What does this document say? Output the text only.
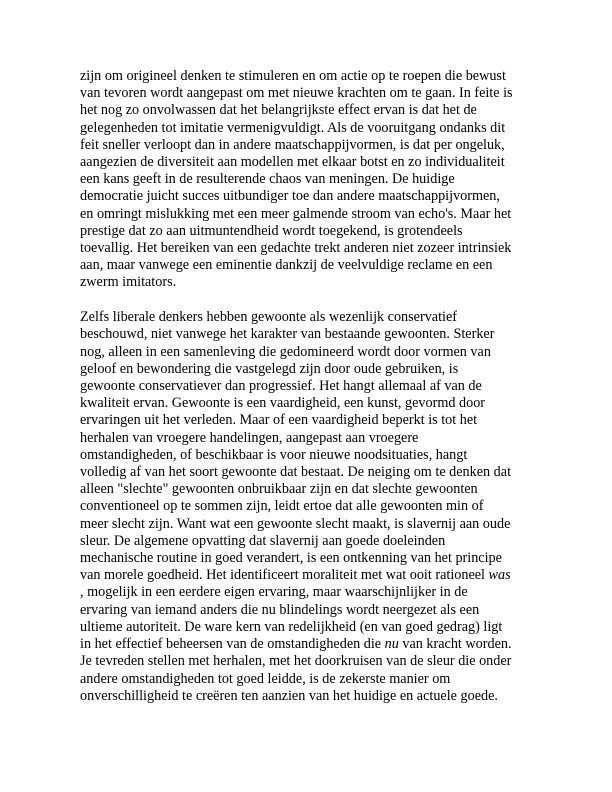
zijn om origineel denken te stimuleren en om actie op te roepen die bewust
van tevoren wordt aangepast om met nieuwe krachten om te gaan. In feite is
het nog zo onvolwassen dat het belangrijkste effect ervan is dat het de
gelegenheden tot imitatie vermenigvuldigt. Als de vooruitgang ondanks dit
feit sneller verloopt dan in andere maatschappijvormen, is dat per ongeluk,
aangezien de diversiteit aan modellen met elkaar botst en zo individualiteit
een kans geeft in de resulterende chaos van meningen. De huidige
democratie juicht succes uitbundiger toe dan andere maatschappijvormen,
en omringt mislukking met een meer galmende stroom van echo's. Maar het
prestige dat zo aan uitmuntendheid wordt toegekend, is grotendeels
toevallig. Het bereiken van een gedachte trekt anderen niet zozeer intrinsiek
aan, maar vanwege een eminentie dankzij de veelvuldige reclame en een
zwerm imitators.

Zelfs liberale denkers hebben gewoonte als wezenlijk conservatief
beschouwd, niet vanwege het karakter van bestaande gewoonten. Sterker
nog, alleen in een samenleving die gedomineerd wordt door vormen van
geloof en bewondering die vastgelegd zijn door oude gebruiken, is
gewoonte conservatiever dan progressief. Het hangt allemaal af van de
kwaliteit ervan. Gewoonte is een vaardigheid, een kunst, gevormd door
ervaringen uit het verleden. Maar of een vaardigheid beperkt is tot het
herhalen van vroegere handelingen, aangepast aan vroegere
omstandigheden, of beschikbaar is voor nieuwe noodsituaties, hangt
volledig af van het soort gewoonte dat bestaat. De neiging om te denken dat
alleen "slechte" gewoonten onbruikbaar zijn en dat slechte gewoonten
conventioneel op te sommen zijn, leidt ertoe dat alle gewoonten min of
meer slecht zijn. Want wat een gewoonte slecht maakt, is slavernij aan oude
sleur. De algemene opvatting dat slavernij aan goede doeleinden
mechanische routine in goed verandert, is een ontkenning van het principe
van morele goedheid. Het identificeert moraliteit met wat ooit rationeel was
, mogelijk in een eerdere eigen ervaring, maar waarschijnlijker in de
ervaring van iemand anders die nu blindelings wordt neergezet als een
ultieme autoriteit. De ware kern van redelijkheid (en van goed gedrag) ligt
in het effectief beheersen van de omstandigheden die nu van kracht worden.
Je tevreden stellen met herhalen, met het doorkruisen van de sleur die onder
andere omstandigheden tot goed leidde, is de zekerste manier om
onverschilligheid te creëren ten aanzien van het huidige en actuele goede.
